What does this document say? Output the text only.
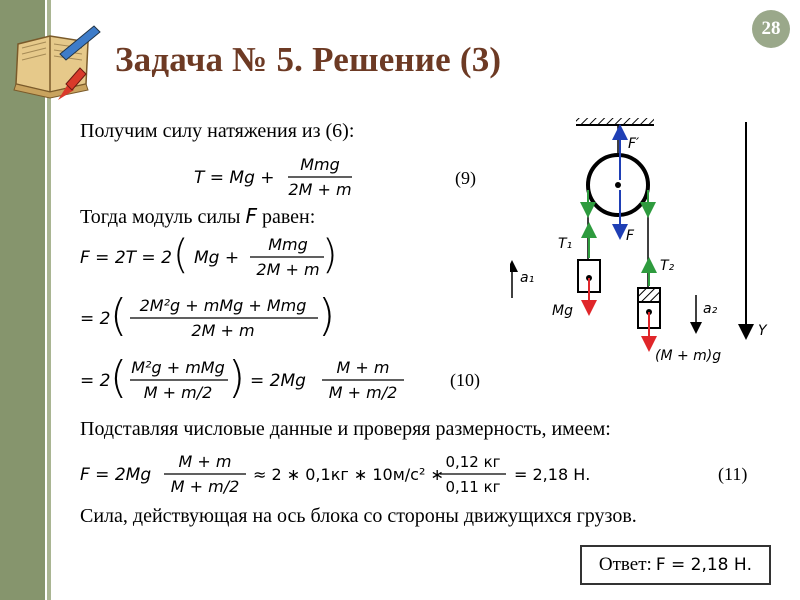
28
Задача № 5. Решение (3)
Получим силу натяжения из (6):
T = Mg +
Mmg
2M + m
(9)
Тогда модуль силы F равен:
F = 2T = 2 ( Mg +
Mmg
2M + m )
= 2 ( 2M²g + mMg + Mmg
2M + m )
= 2 ( M²g + mMg
M + m/2 ) = 2Mg
M + m
M + m/2
(10)
Подставляя числовые данные и проверяя размерность, имеем:
F = 2Mg
M + m
M + m/2
≈ 2 ∗ 0,1кг ∗ 10м/с² ∗
0,12 кг
0,11 кг
= 2,18 Н.	(11)
Сила, действующая на ось блока со стороны движущихся грузов.
Ответ: F = 2,18 Н.
F′
F
T₁
Mg
a₁
T₂
(M + m)g
a₂
Y
